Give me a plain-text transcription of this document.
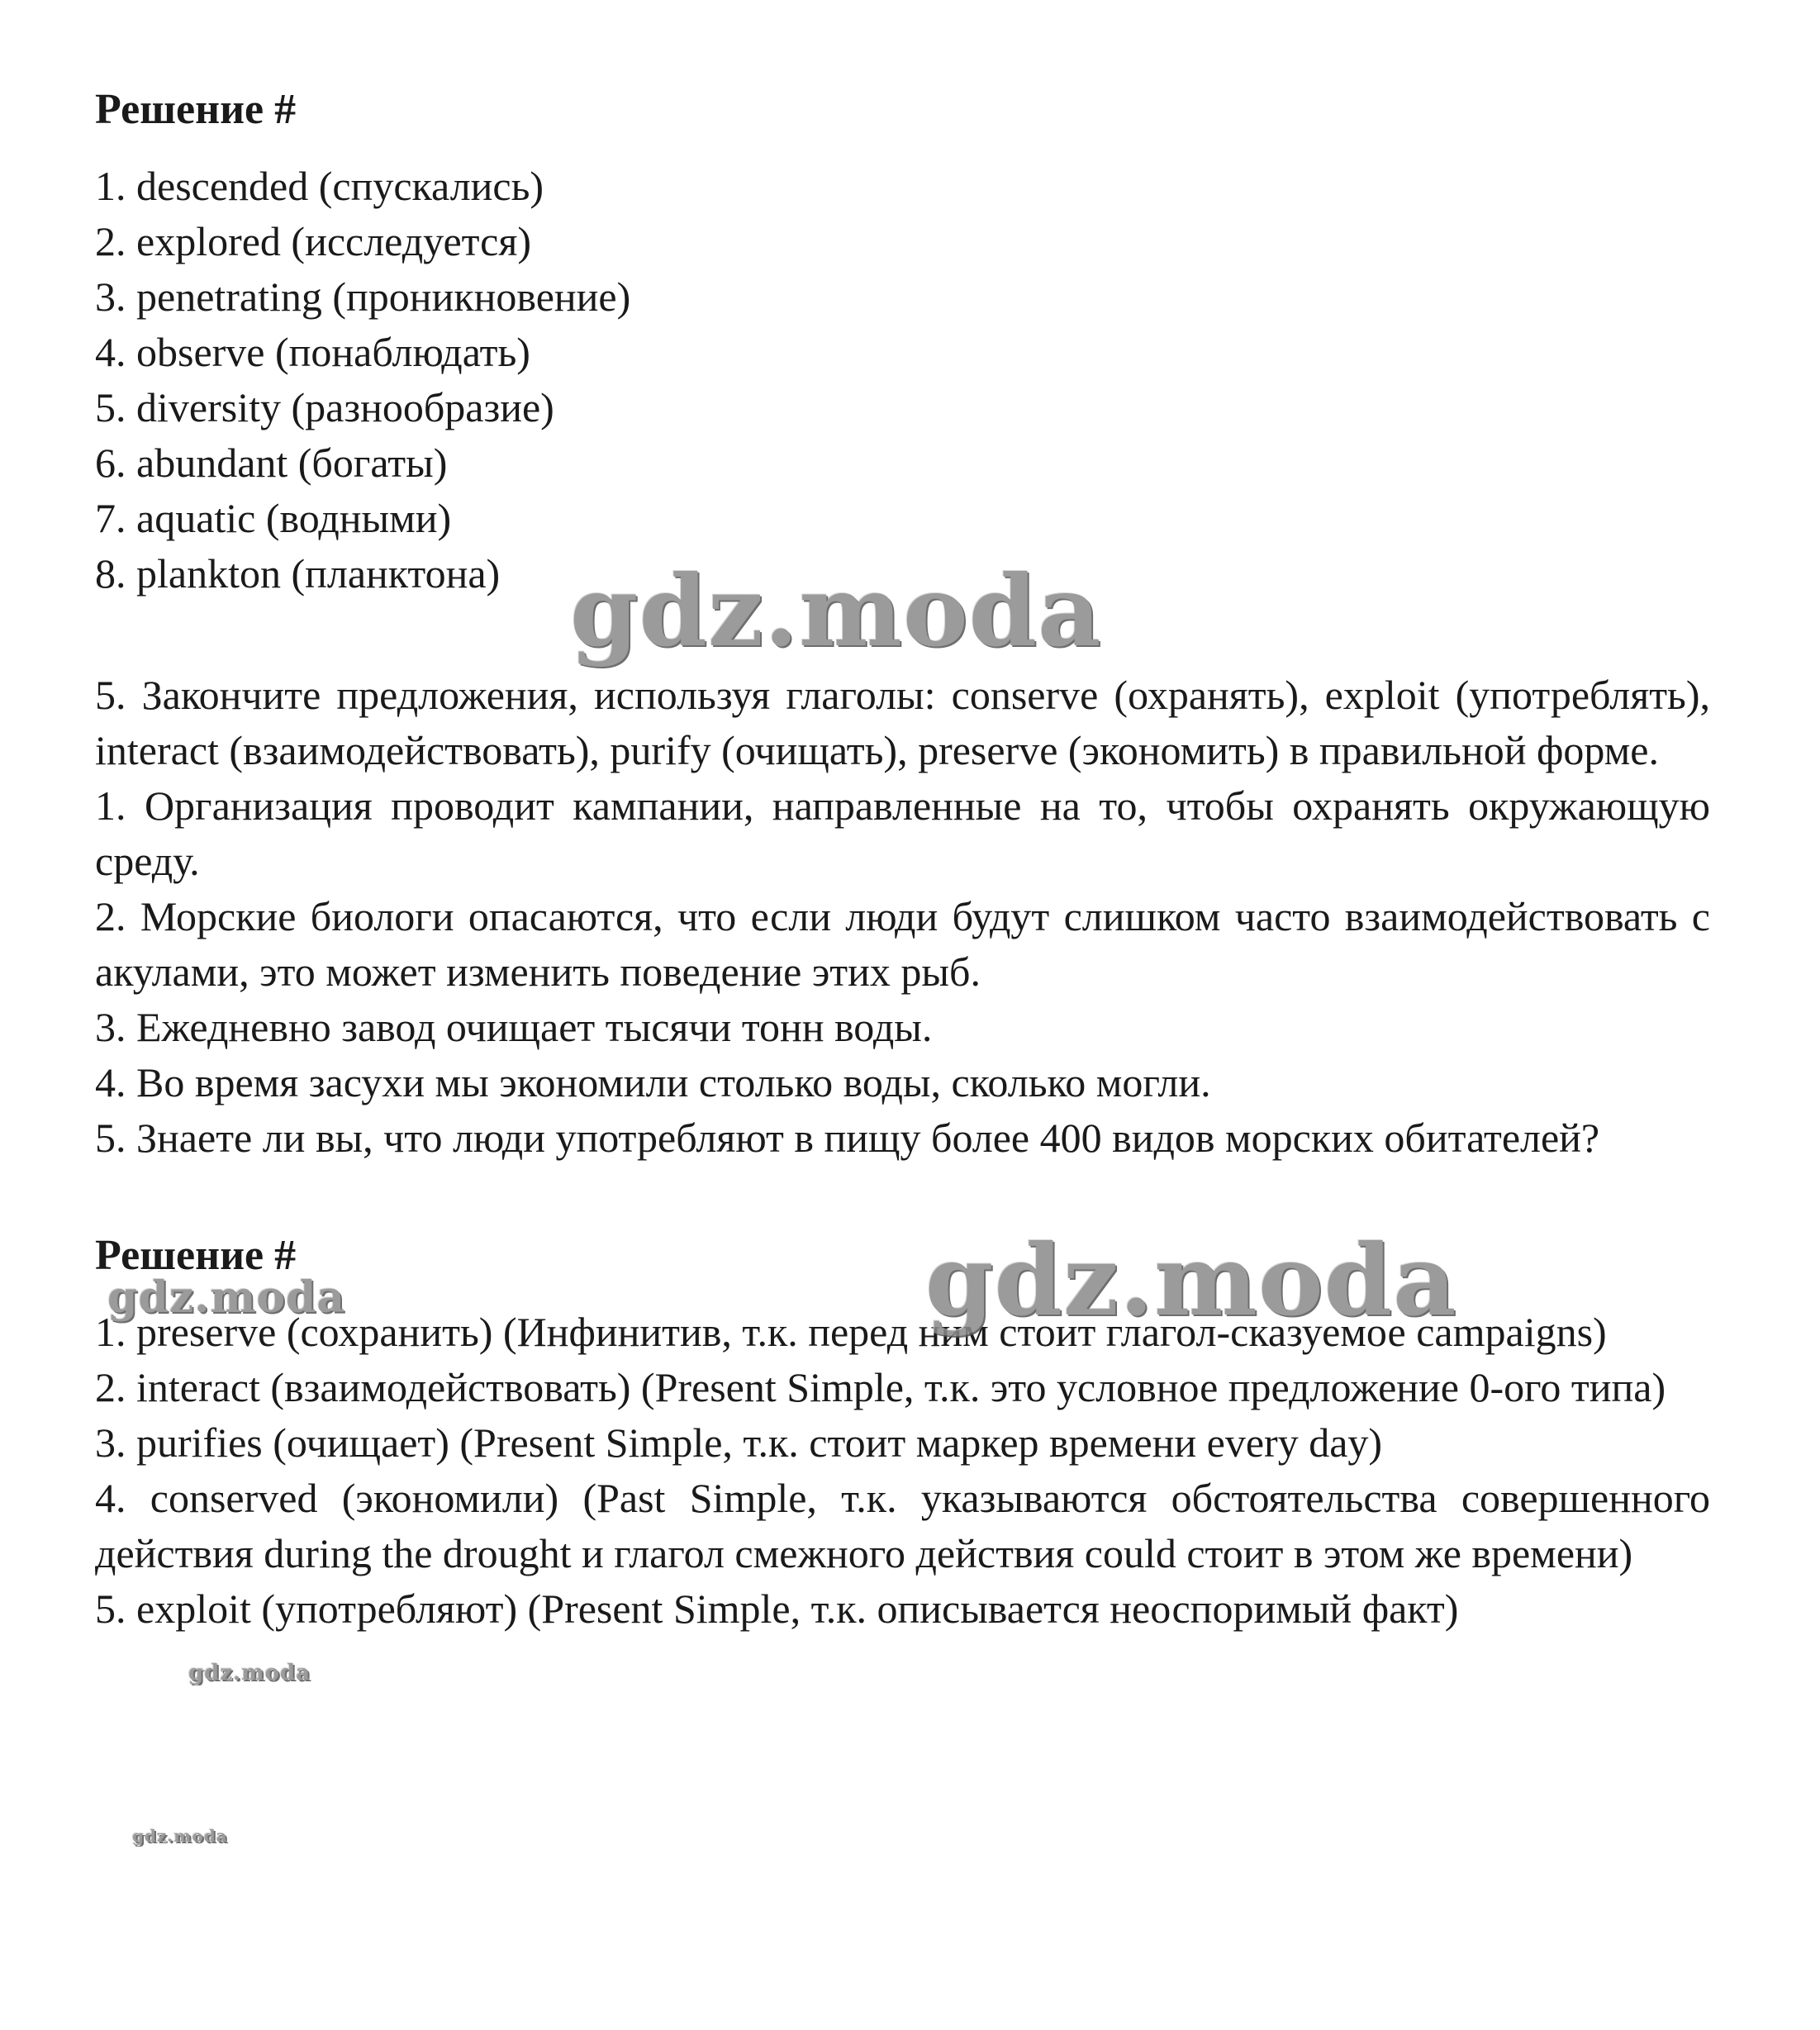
Решение #

1. descended (спускались)

2. explored (исследуется)

3. penetrating (проникновение)

4. observe (понаблюдать)

5. diversity (разнообразие)

6. abundant (богаты)

7. aquatic (водными)

8. plankton (планктона)

5. Закончите предложения, используя глаголы: conserve (охранять), exploit (употреблять), interact (взаимодействовать), purify (очищать), preserve (экономить) в правильной форме.

1. Организация проводит кампании, направленные на то, чтобы охранять окружающую среду.

2. Морские биологи опасаются, что если люди будут слишком часто взаимодействовать с акулами, это может изменить поведение этих рыб.

3. Ежедневно завод очищает тысячи тонн воды.

4. Во время засухи мы экономили столько воды, сколько могли.

5. Знаете ли вы, что люди употребляют в пищу более 400 видов морских обитателей?

Решение #

1. preserve (сохранить) (Инфинитив, т.к. перед ним стоит глагол-сказуемое campaigns)

2. interact (взаимодействовать) (Present Simple, т.к. это условное предложение 0-ого типа)

3. purifies (очищает) (Present Simple, т.к. стоит маркер времени every day)

4. conserved (экономили) (Past Simple, т.к. указываются обстоятельства совершенного действия during the drought и глагол смежного действия could стоит в этом же времени)

5. exploit (употребляют) (Present Simple, т.к. описывается неоспоримый факт)

gdz.moda
gdz.moda
gdz.moda
gdz.moda
gdz.moda
